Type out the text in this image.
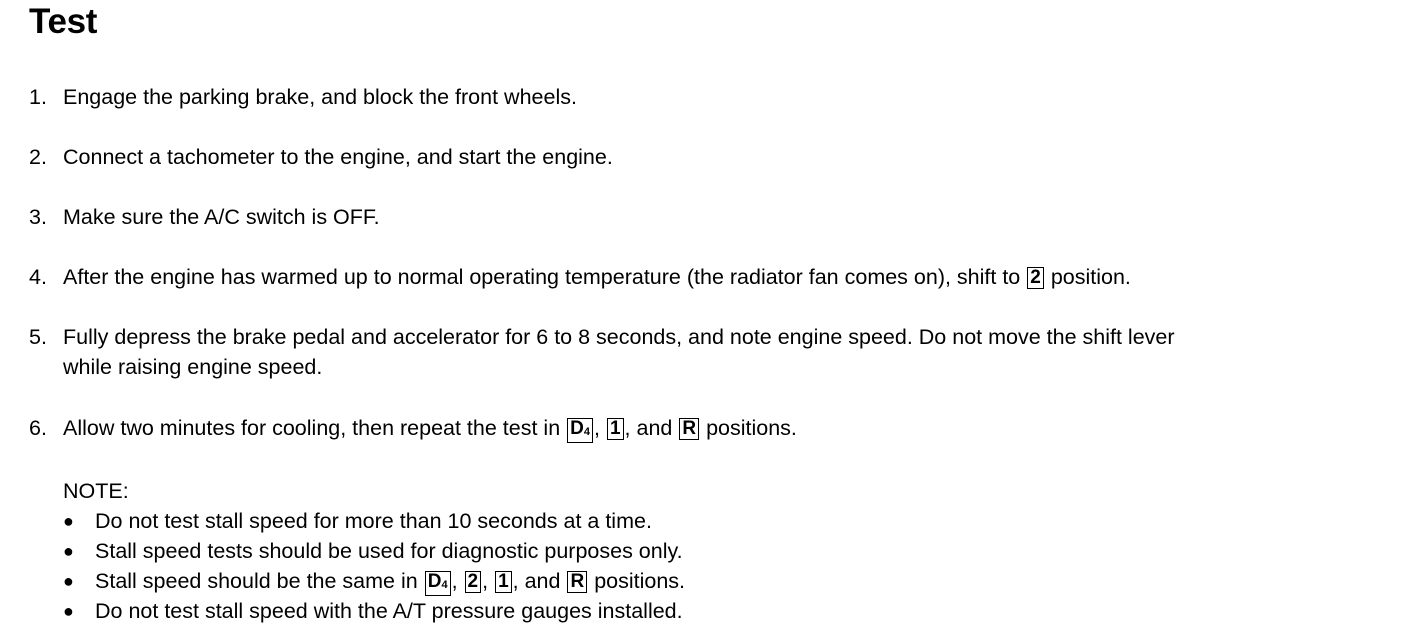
Test
1. Engage the parking brake, and block the front wheels.
2. Connect a tachometer to the engine, and start the engine.
3. Make sure the A/C switch is OFF.
4. After the engine has warmed up to normal operating temperature (the radiator fan comes on), shift to 2 position.
5. Fully depress the brake pedal and accelerator for 6 to 8 seconds, and note engine speed. Do not move the shift lever
while raising engine speed.
6. Allow two minutes for cooling, then repeat the test in $D_4$ , 1 , and R positions.
NOTE:
● Do not test stall speed for more than 10 seconds at a time.
● Stall speed tests should be used for diagnostic purposes only.
● Stall speed should be the same in $D_4$ , 2 , 1 , and R positions.
● Do not test stall speed with the A/T pressure gauges installed.
